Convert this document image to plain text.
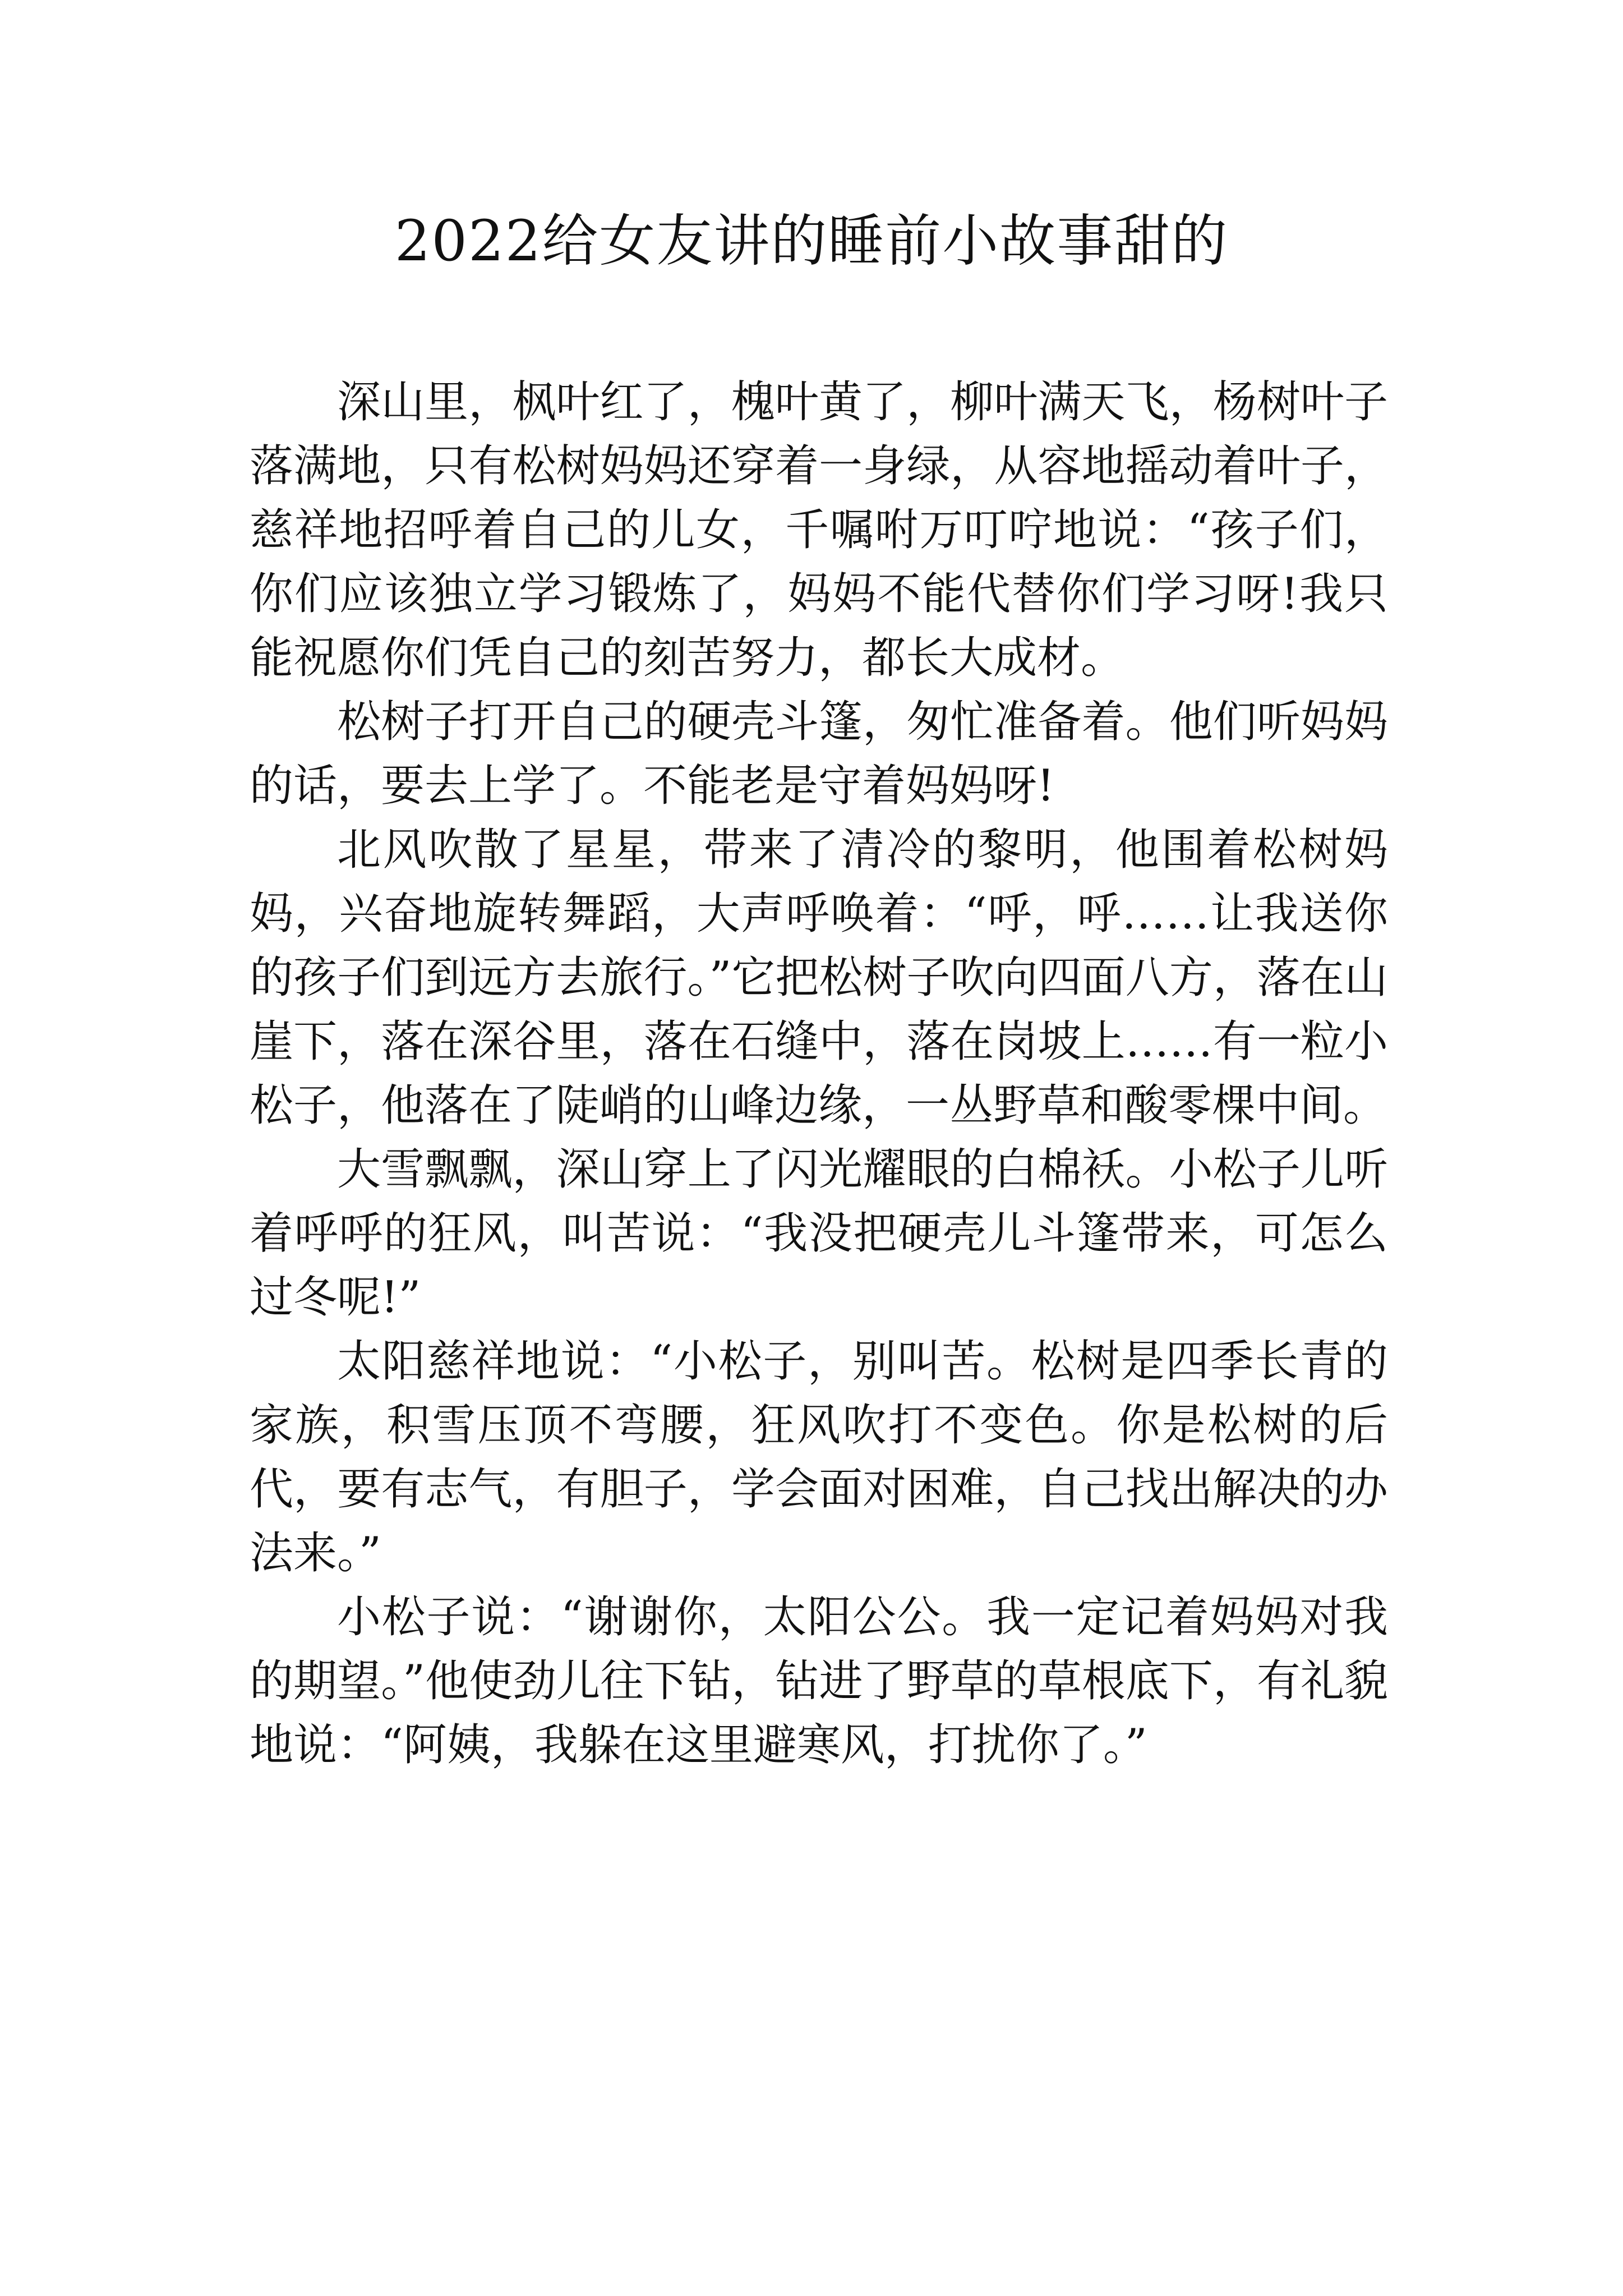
2022给女友讲的睡前小故事甜的

深山里，枫叶红了，槐叶黄了，柳叶满天飞，杨树叶子落满地，只有松树妈妈还穿着一身绿，从容地摇动着叶子，慈祥地招呼着自己的儿女，千嘱咐万叮咛地说：“孩子们，你们应该独立学习锻炼了，妈妈不能代替你们学习呀!我只能祝愿你们凭自己的刻苦努力，都长大成材。

松树子打开自己的硬壳斗篷，匆忙准备着。他们听妈妈的话，要去上学了。不能老是守着妈妈呀!

北风吹散了星星，带来了清冷的黎明，他围着松树妈妈，兴奋地旋转舞蹈，大声呼唤着：“呼，呼……让我送你的孩子们到远方去旅行。”它把松树子吹向四面八方，落在山崖下，落在深谷里，落在石缝中，落在岗坡上……有一粒小松子，他落在了陡峭的山峰边缘，一丛野草和酸零棵中间。

大雪飘飘，深山穿上了闪光耀眼的白棉袄。小松子儿听着呼呼的狂风，叫苦说：“我没把硬壳儿斗篷带来，可怎么过冬呢!”

太阳慈祥地说：“小松子，别叫苦。松树是四季长青的家族，积雪压顶不弯腰，狂风吹打不变色。你是松树的后代，要有志气，有胆子，学会面对困难，自己找出解决的办法来。”

小松子说：“谢谢你，太阳公公。我一定记着妈妈对我的期望。”他使劲儿往下钻，钻进了野草的草根底下，有礼貌地说：“阿姨，我躲在这里避寒风，打扰你了。”
